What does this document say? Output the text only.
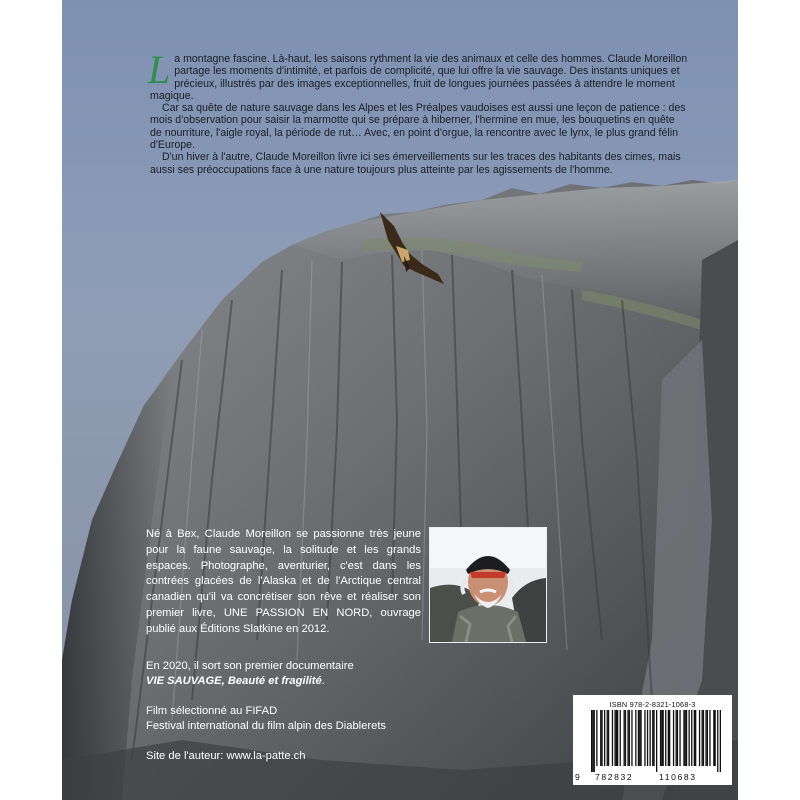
La montagne fascine. Là-haut, les saisons rythment la vie des animaux et celle des hommes. Claude Moreillon partage les moments d'intimité, et parfois de complicité, que lui offre la vie sauvage. Des instants uniques et précieux, illustrés par des images exceptionnelles, fruit de longues journées passées à attendre le moment magique.

Car sa quête de nature sauvage dans les Alpes et les Préalpes vaudoises est aussi une leçon de patience : des mois d'observation pour saisir la marmotte qui se prépare à hiberner, l'hermine en mue, les bouquetins en quête de nourriture, l'aigle royal, la période de rut… Avec, en point d'orgue, la rencontre avec le lynx, le plus grand félin d'Europe.

D'un hiver à l'autre, Claude Moreillon livre ici ses émerveillements sur les traces des habitants des cimes, mais aussi ses préoccupations face à une nature toujours plus atteinte par les agissements de l'homme.

Né à Bex, Claude Moreillon se passionne très jeune pour la faune sauvage, la solitude et les grands espaces. Photographe, aventurier, c'est dans les contrées glacées de l'Alaska et de l'Arctique central canadien qu'il va concrétiser son rêve et réaliser son premier livre, UNE PASSION EN NORD, ouvrage publié aux Éditions Slatkine en 2012.

En 2020, il sort son premier documentaire

VIE SAUVAGE, Beauté et fragilité.

Film sélectionné au FIFAD

Festival international du film alpin des Diablerets

Site de l'auteur: www.la-patte.ch
ISBN 978-2-8321-1068-3
9 782832	110683
